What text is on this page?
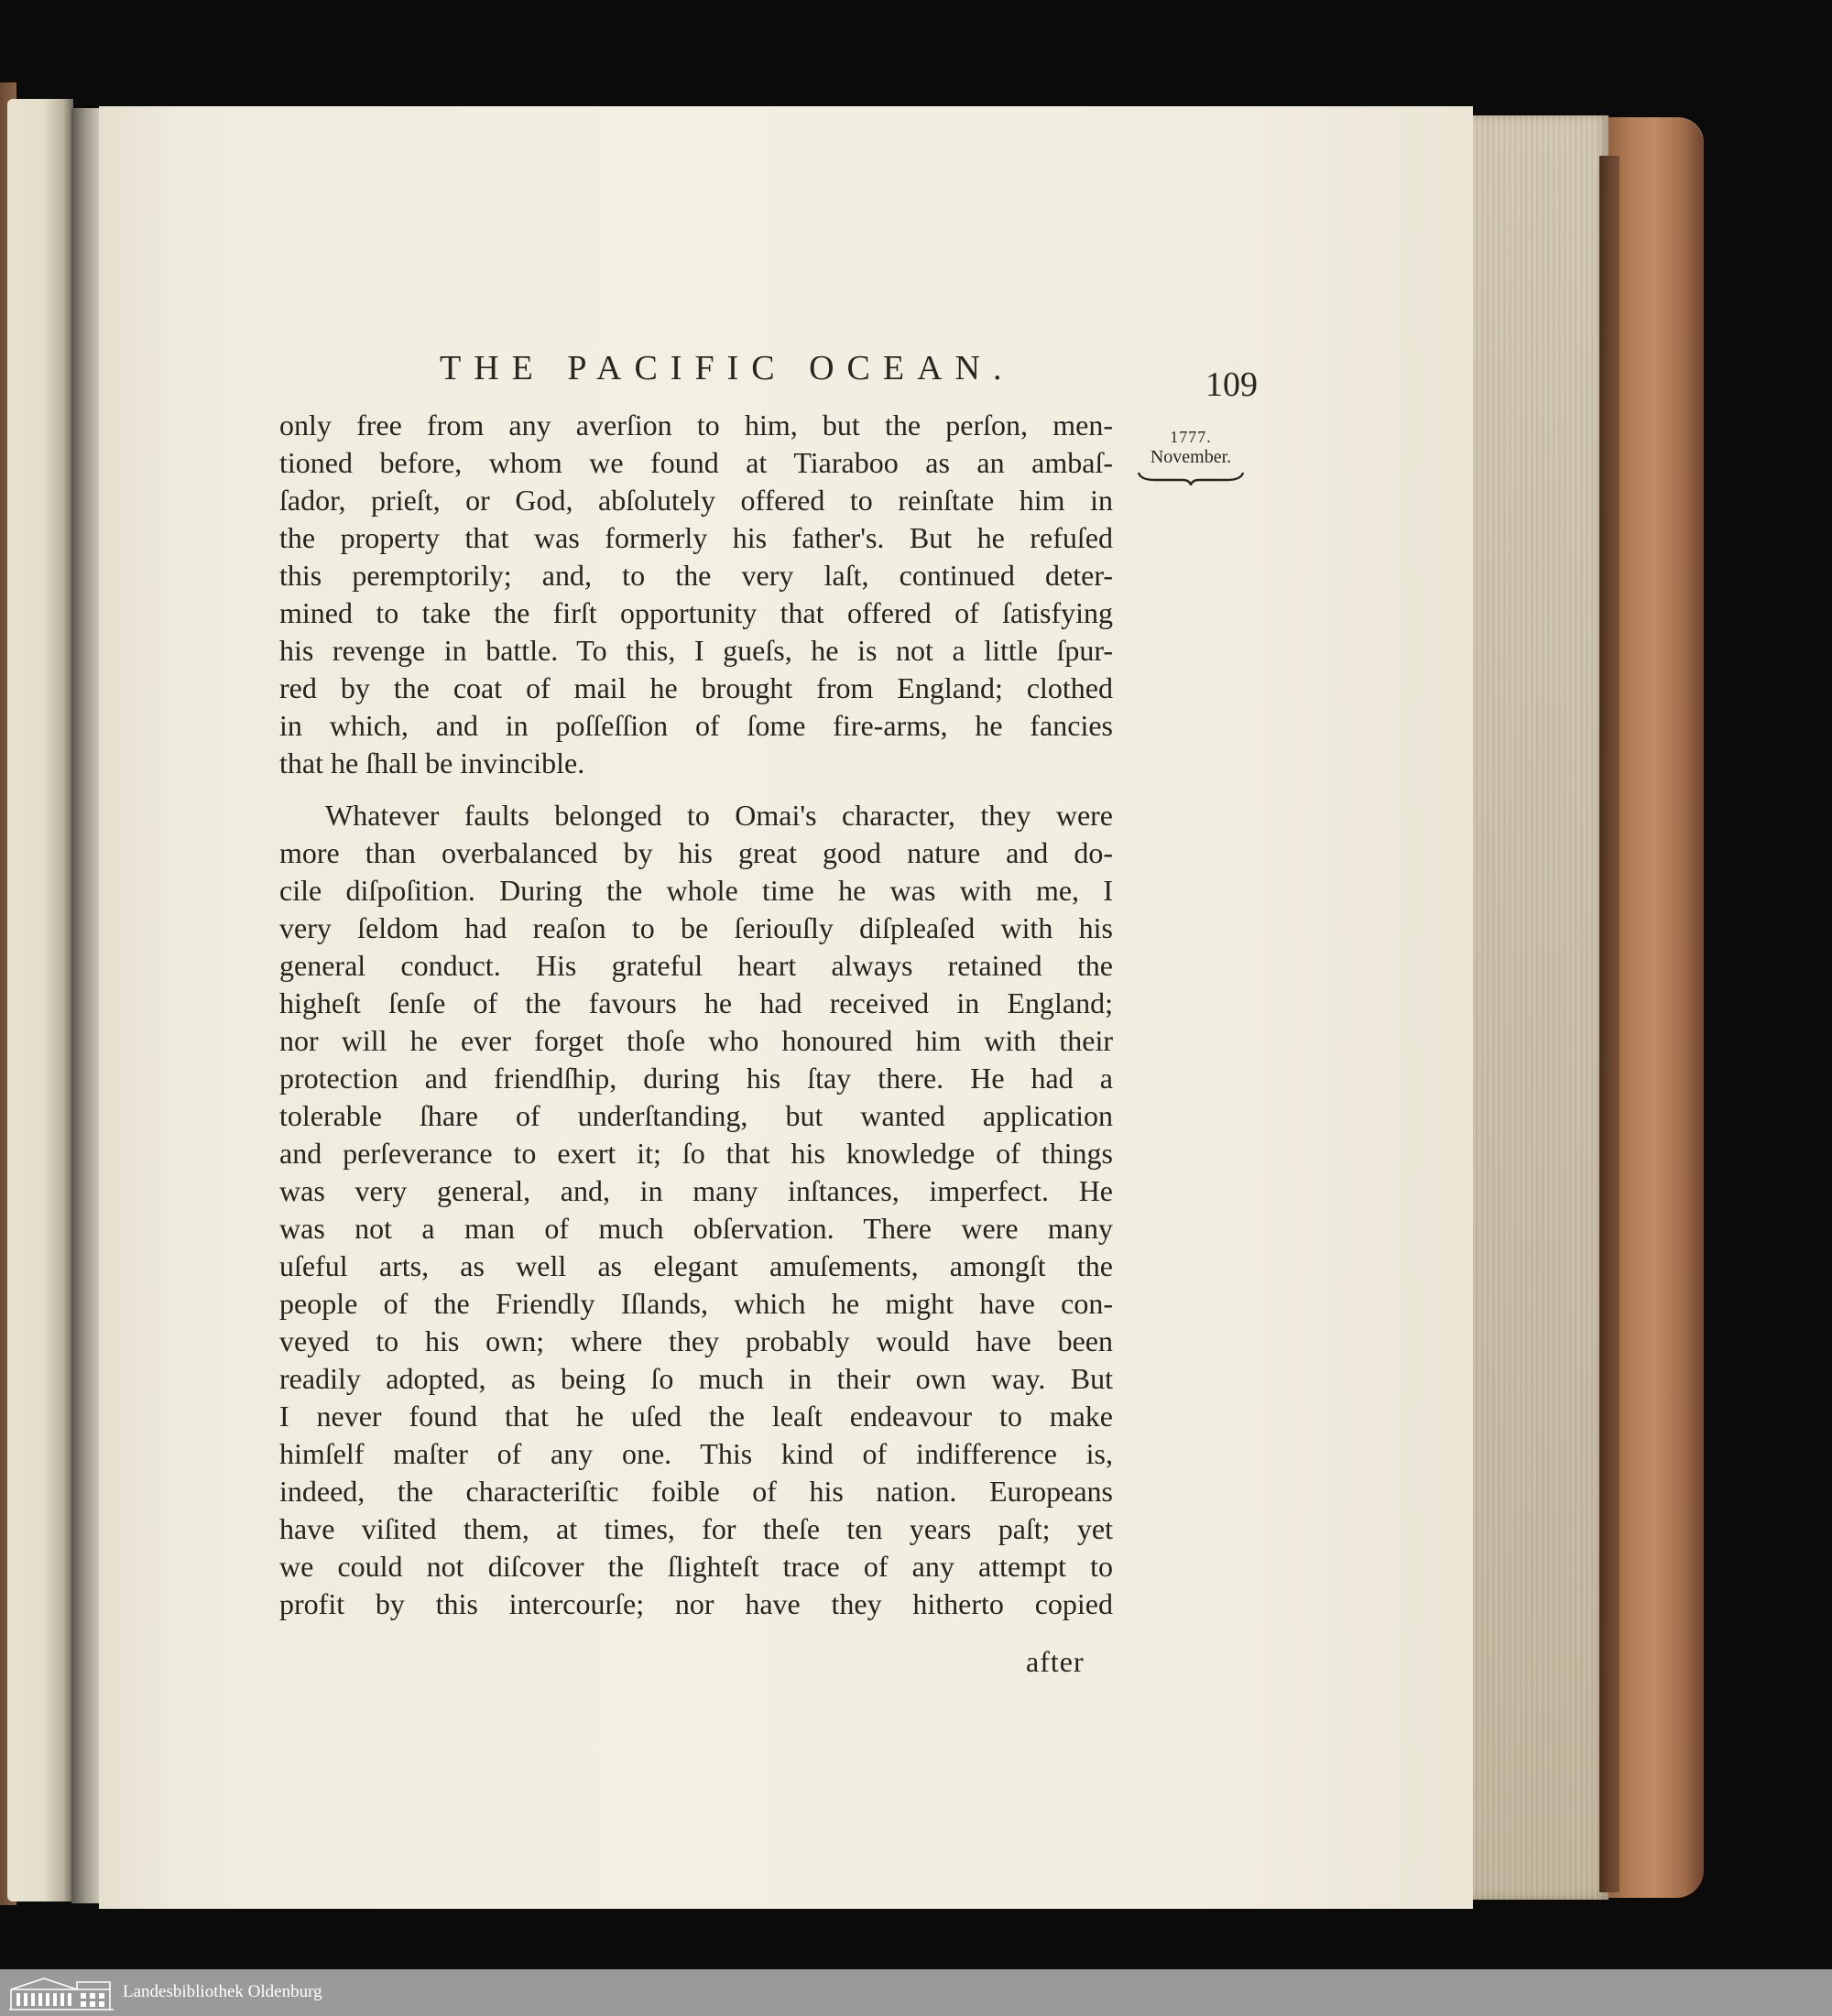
THE PACIFIC OCEAN.	109
1777.
November.
only free from any averſion to him, but the perſon, men-
tioned before, whom we found at Tiaraboo as an ambaſ-
ſador, prieſt, or God, abſolutely offered to reinſtate him in
the property that was formerly his father's. But he refuſed
this peremptorily; and, to the very laſt, continued deter-
mined to take the firſt opportunity that offered of ſatisfying
his revenge in battle. To this, I gueſs, he is not a little ſpur-
red by the coat of mail he brought from England; clothed
in which, and in poſſeſſion of ſome fire-arms, he fancies
that he ſhall be invincible.
Whatever faults belonged to Omai's character, they were
more than overbalanced by his great good nature and do-
cile diſpoſition. During the whole time he was with me, I
very ſeldom had reaſon to be ſeriouſly diſpleaſed with his
general conduct. His grateful heart always retained the
higheſt ſenſe of the favours he had received in England;
nor will he ever forget thoſe who honoured him with their
protection and friendſhip, during his ſtay there. He had a
tolerable ſhare of underſtanding, but wanted application
and perſeverance to exert it; ſo that his knowledge of things
was very general, and, in many inſtances, imperfect. He
was not a man of much obſervation. There were many
uſeful arts, as well as elegant amuſements, amongſt the
people of the Friendly Iſlands, which he might have con-
veyed to his own; where they probably would have been
readily adopted, as being ſo much in their own way. But
I never found that he uſed the leaſt endeavour to make
himſelf maſter of any one. This kind of indifference is,
indeed, the characteriſtic foible of his nation. Europeans
have viſited them, at times, for theſe ten years paſt; yet
we could not diſcover the ſlighteſt trace of any attempt to
profit by this intercourſe; nor have they hitherto copied
after
Landesbibliothek Oldenburg
